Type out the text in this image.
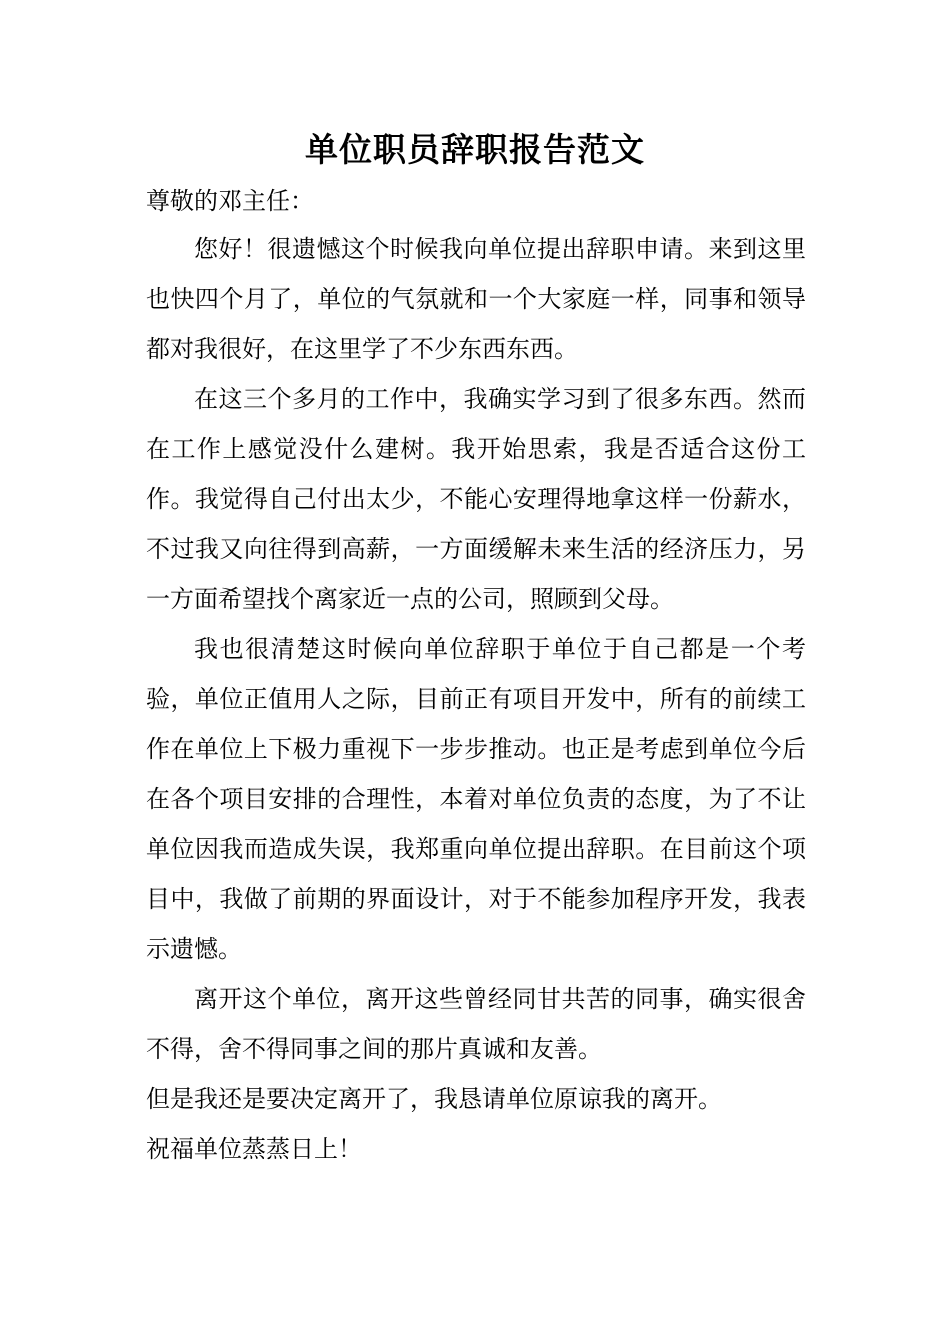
单位职员辞职报告范文

尊敬的邓主任：

您好！很遗憾这个时候我向单位提出辞职申请。来到这里也快四个月了，单位的气氛就和一个大家庭一样，同事和领导都对我很好，在这里学了不少东西东西。

在这三个多月的工作中，我确实学习到了很多东西。然而在工作上感觉没什么建树。我开始思索，我是否适合这份工作。我觉得自己付出太少，不能心安理得地拿这样一份薪水，不过我又向往得到高薪，一方面缓解未来生活的经济压力，另一方面希望找个离家近一点的公司，照顾到父母。

我也很清楚这时候向单位辞职于单位于自己都是一个考验，单位正值用人之际，目前正有项目开发中，所有的前续工作在单位上下极力重视下一步步推动。也正是考虑到单位今后在各个项目安排的合理性，本着对单位负责的态度，为了不让单位因我而造成失误，我郑重向单位提出辞职。在目前这个项目中，我做了前期的界面设计，对于不能参加程序开发，我表示遗憾。

离开这个单位，离开这些曾经同甘共苦的同事，确实很舍不得，舍不得同事之间的那片真诚和友善。

但是我还是要决定离开了，我恳请单位原谅我的离开。

祝福单位蒸蒸日上！
